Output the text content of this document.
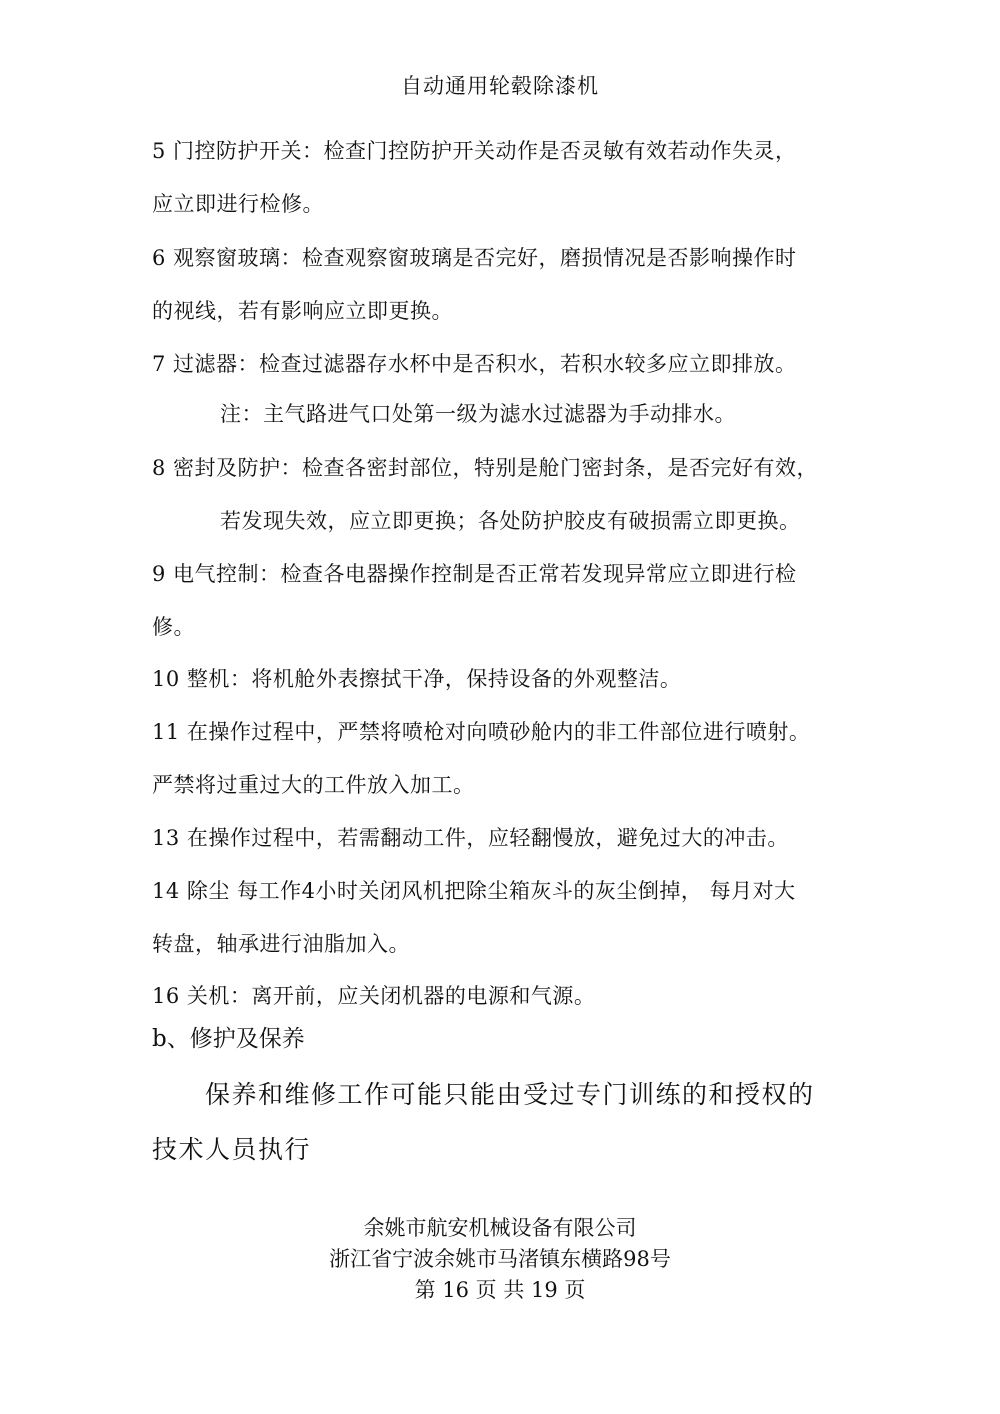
自动通用轮毂除漆机
5 门控防护开关：检查门控防护开关动作是否灵敏有效若动作失灵，
应立即进行检修。
6 观察窗玻璃：检查观察窗玻璃是否完好，磨损情况是否影响操作时
的视线，若有影响应立即更换。
7 过滤器：检查过滤器存水杯中是否积水，若积水较多应立即排放。
注：主气路进气口处第一级为滤水过滤器为手动排水。
8 密封及防护：检查各密封部位，特别是舱门密封条，是否完好有效，
若发现失效，应立即更换；各处防护胶皮有破损需立即更换。
9 电气控制：检查各电器操作控制是否正常若发现异常应立即进行检
修。
10 整机：将机舱外表擦拭干净，保持设备的外观整洁。
11 在操作过程中，严禁将喷枪对向喷砂舱内的非工件部位进行喷射。
严禁将过重过大的工件放入加工。
13 在操作过程中，若需翻动工件，应轻翻慢放，避免过大的冲击。
14 除尘 每工作4小时关闭风机把除尘箱灰斗的灰尘倒掉， 每月对大
转盘，轴承进行油脂加入。
16 关机：离开前，应关闭机器的电源和气源。
b、修护及保养
保养和维修工作可能只能由受过专门训练的和授权的
技术人员执行
余姚市航安机械设备有限公司
浙江省宁波余姚市马渚镇东横路98号
第 16 页 共 19 页
